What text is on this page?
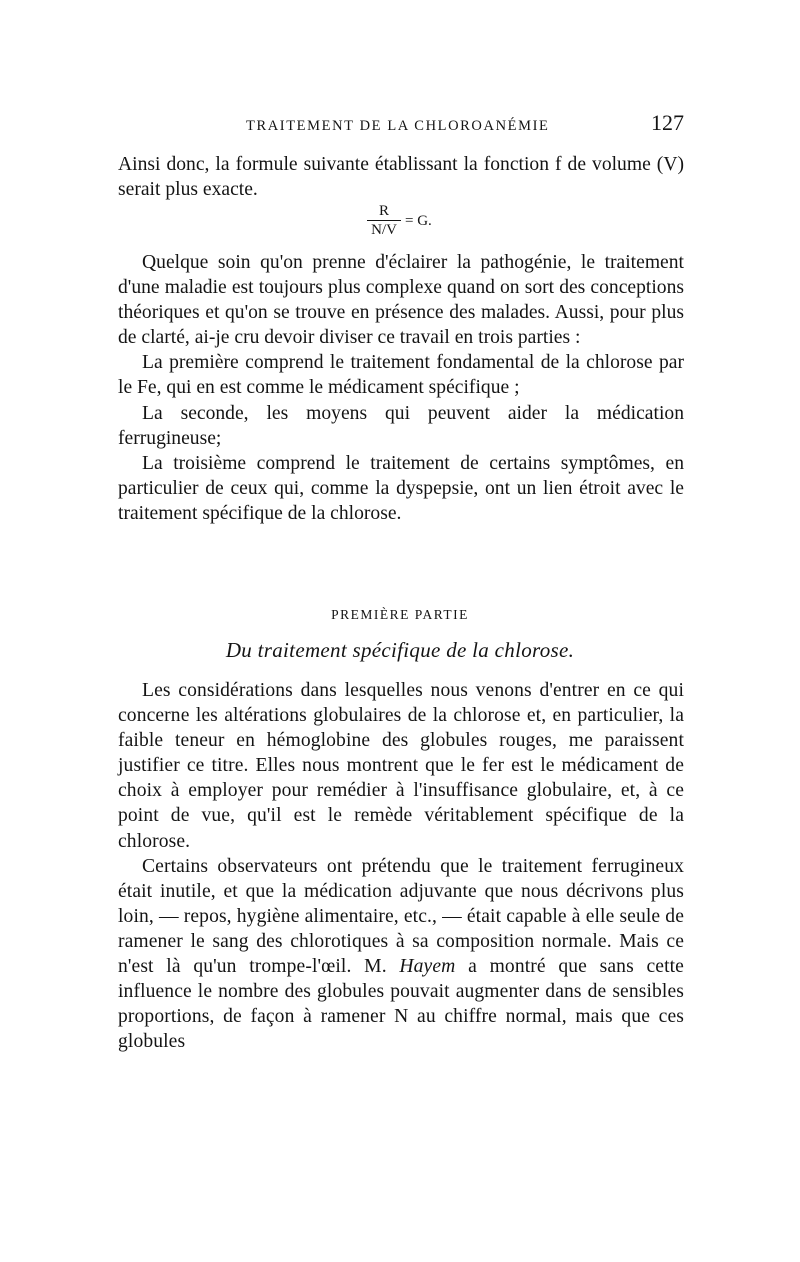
TRAITEMENT DE LA CHLOROANÉMIE	127

Ainsi donc, la formule suivante établissant la fonction f de volume (V) serait plus exacte.

$\frac{R}{N/V} = G$.

Quelque soin qu'on prenne d'éclairer la pathogénie, le traitement d'une maladie est toujours plus complexe quand on sort des conceptions théoriques et qu'on se trouve en présence des malades. Aussi, pour plus de clarté, ai-je cru devoir diviser ce travail en trois parties :

La première comprend le traitement fondamental de la chlorose par le Fe, qui en est comme le médicament spécifique ;

La seconde, les moyens qui peuvent aider la médication ferrugineuse;

La troisième comprend le traitement de certains symptômes, en particulier de ceux qui, comme la dyspepsie, ont un lien étroit avec le traitement spécifique de la chlorose.

PREMIÈRE PARTIE
Du traitement spécifique de la chlorose.

Les considérations dans lesquelles nous venons d'entrer en ce qui concerne les altérations globulaires de la chlorose et, en particulier, la faible teneur en hémoglobine des globules rouges, me paraissent justifier ce titre. Elles nous montrent que le fer est le médicament de choix à employer pour remédier à l'insuffisance globulaire, et, à ce point de vue, qu'il est le remède véritablement spécifique de la chlorose.

Certains observateurs ont prétendu que le traitement ferrugineux était inutile, et que la médication adjuvante que nous décrivons plus loin, — repos, hygiène alimentaire, etc., — était capable à elle seule de ramener le sang des chlorotiques à sa composition normale. Mais ce n'est là qu'un trompe-l'œil. M. Hayem a montré que sans cette influence le nombre des globules pouvait augmenter dans de sensibles proportions, de façon à ramener N au chiffre normal, mais que ces globules
